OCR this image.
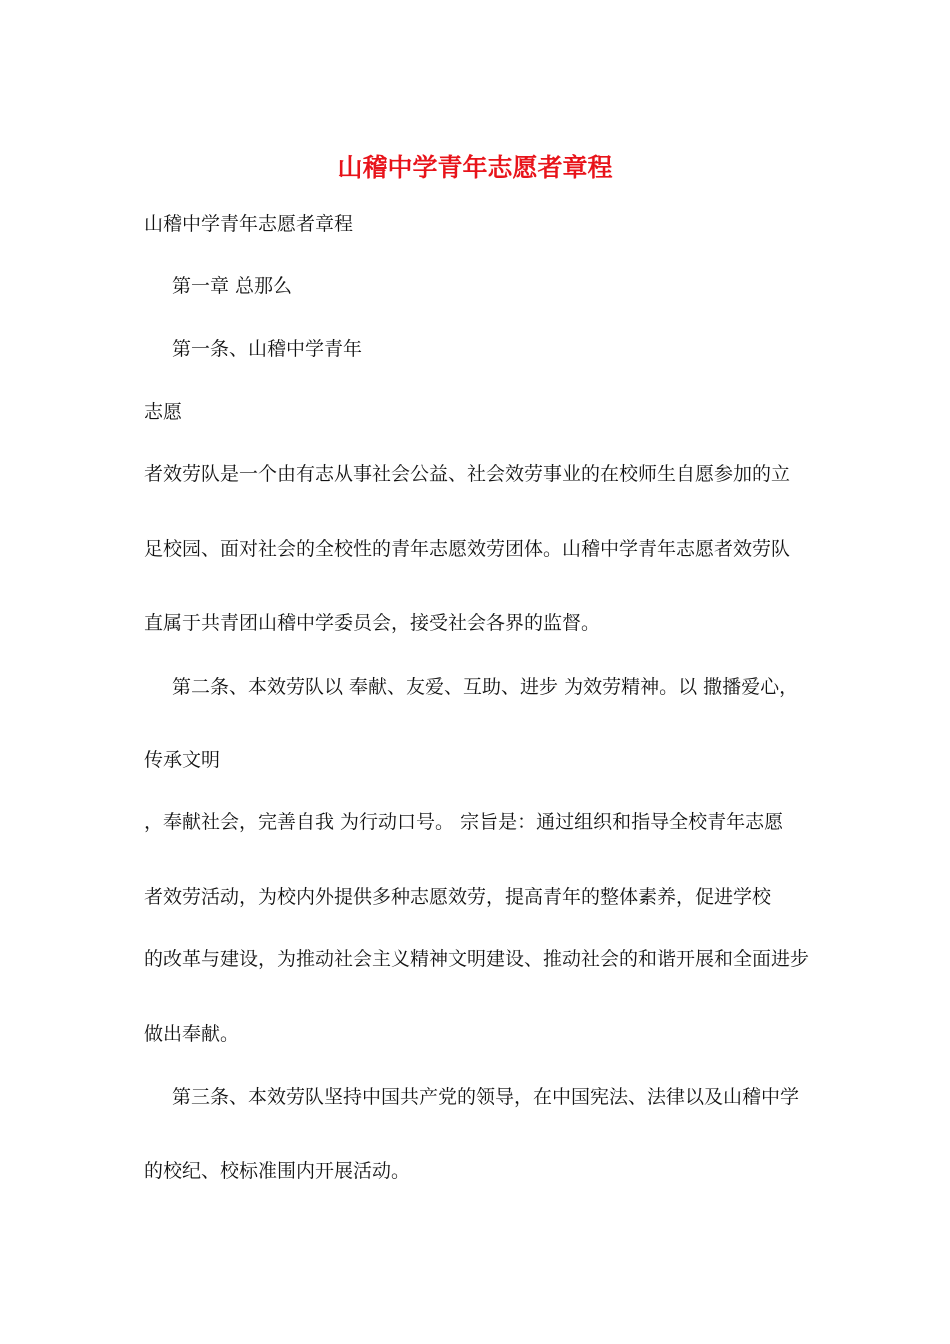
山稽中学青年志愿者章程
山稽中学青年志愿者章程
第一章 总那么
第一条、山稽中学青年
志愿
者效劳队是一个由有志从事社会公益、社会效劳事业的在校师生自愿参加的立
足校园、面对社会的全校性的青年志愿效劳团体。山稽中学青年志愿者效劳队
直属于共青团山稽中学委员会，接受社会各界的监督。
第二条、本效劳队以 奉献、友爱、互助、进步 为效劳精神。以 撒播爱心，
传承文明
，奉献社会，完善自我 为行动口号。 宗旨是：通过组织和指导全校青年志愿
者效劳活动，为校内外提供多种志愿效劳，提高青年的整体素养，促进学校
的改革与建设，为推动社会主义精神文明建设、推动社会的和谐开展和全面进步
做出奉献。
第三条、本效劳队坚持中国共产党的领导，在中国宪法、法律以及山稽中学
的校纪、校标准围内开展活动。
